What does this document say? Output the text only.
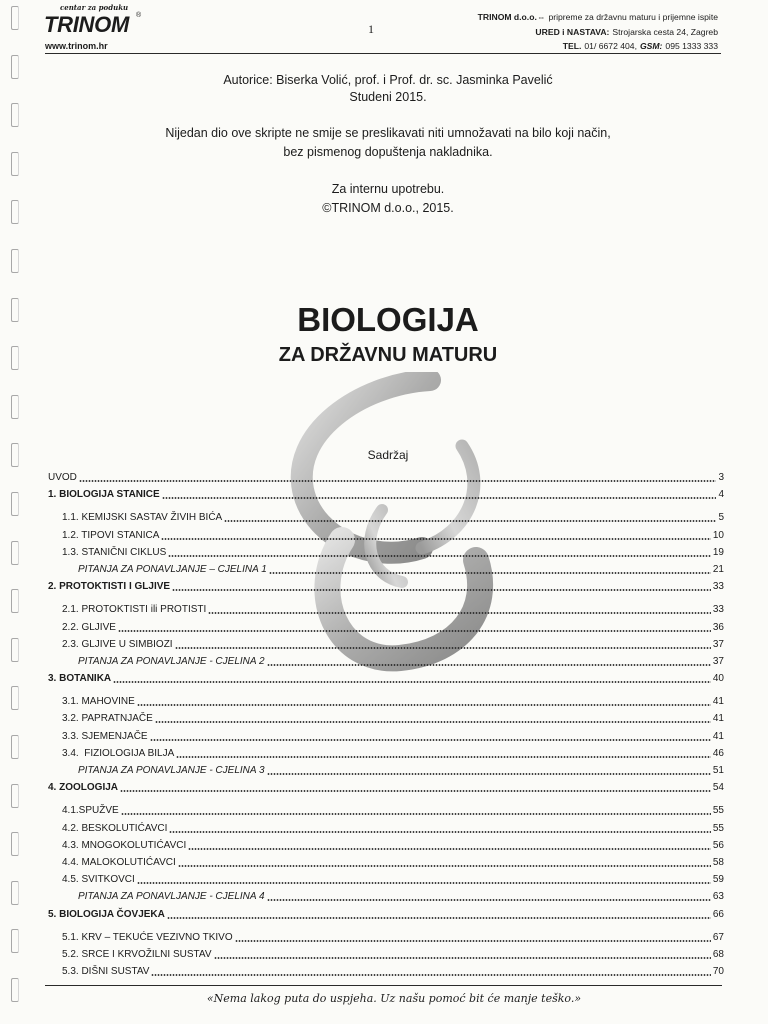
centar za poduku
TRINOM ®
www.trinom.hr
1
TRINOM d.o.o.⇔ pripreme za državnu maturu i prijemne ispite
URED i NASTAVA: Strojarska cesta 24, Zagreb
TEL. 01/ 6672 404, GSM: 095 1333 333
Autorice: Biserka Volić, prof. i Prof. dr. sc. Jasminka Pavelić
Studeni 2015.
Nijedan dio ove skripte ne smije se preslikavati niti umnožavati na bilo koji način,
bez pismenog dopuštenja nakladnika.
Za internu upotrebu.
©TRINOM d.o.o., 2015.
BIOLOGIJA
ZA DRŽAVNU MATURU
Sadržaj
UVOD	3
1. BIOLOGIJA STANICE	4
1.1. KEMIJSKI SASTAV ŽIVIH BIĆA	5
1.2. TIPOVI STANICA	10
1.3. STANIČNI CIKLUS	19
PITANJA ZA PONAVLJANJE – CJELINA 1	21
2. PROTOKTISTI I GLJIVE	33
2.1. PROTOKTISTI ili PROTISTI	33
2.2. GLJIVE	36
2.3. GLJIVE U SIMBIOZI	37
PITANJA ZA PONAVLJANJE - CJELINA 2	37
3. BOTANIKA	40
3.1. MAHOVINE	41
3.2. PAPRATNJAČE	41
3.3. SJEMENJAČE	41
3.4.  FIZIOLOGIJA BILJA	46
PITANJA ZA PONAVLJANJE - CJELINA 3	51
4. ZOOLOGIJA	54
4.1.SPUŽVE	55
4.2. BESKOLUTIĆAVCI	55
4.3. MNOGOKOLUTIĆAVCI	56
4.4. MALOKOLUTIĆAVCI	58
4.5. SVITKOVCI	59
PITANJA ZA PONAVLJANJE - CJELINA 4	63
5. BIOLOGIJA ČOVJEKA	66
5.1. KRV – TEKUĆE VEZIVNO TKIVO	67
5.2. SRCE I KRVOŽILNI SUSTAV	68
5.3. DIŠNI SUSTAV	70
«Nema lakog puta do uspjeha. Uz našu pomoć bit će manje teško.»
